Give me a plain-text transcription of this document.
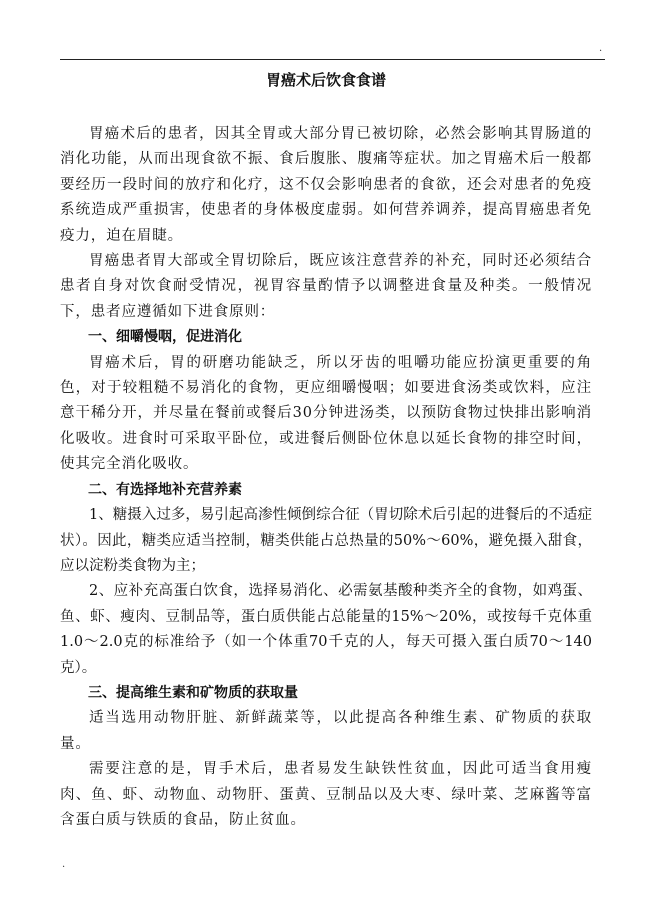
.
胃癌术后饮食食谱

胃癌术后的患者，因其全胃或大部分胃已被切除，必然会影响其胃肠道的消化功能，从而出现食欲不振、食后腹胀、腹痛等症状。加之胃癌术后一般都要经历一段时间的放疗和化疗，这不仅会影响患者的食欲，还会对患者的免疫系统造成严重损害，使患者的身体极度虚弱。如何营养调养，提高胃癌患者免疫力，迫在眉睫。

胃癌患者胃大部或全胃切除后，既应该注意营养的补充，同时还必须结合患者自身对饮食耐受情况，视胃容量酌情予以调整进食量及种类。一般情况下，患者应遵循如下进食原则：

一、细嚼慢咽，促进消化

胃癌术后，胃的研磨功能缺乏，所以牙齿的咀嚼功能应扮演更重要的角色，对于较粗糙不易消化的食物，更应细嚼慢咽；如要进食汤类或饮料，应注意干稀分开，并尽量在餐前或餐后30分钟进汤类，以预防食物过快排出影响消化吸收。进食时可采取平卧位，或进餐后侧卧位休息以延长食物的排空时间，使其完全消化吸收。

二、有选择地补充营养素

1、糖摄入过多，易引起高渗性倾倒综合征（胃切除术后引起的进餐后的不适症状）。因此，糖类应适当控制，糖类供能占总热量的50%～60%，避免摄入甜食，应以淀粉类食物为主；

2、应补充高蛋白饮食，选择易消化、必需氨基酸种类齐全的食物，如鸡蛋、鱼、虾、瘦肉、豆制品等，蛋白质供能占总能量的15%～20%，或按每千克体重1.0～2.0克的标准给予（如一个体重70千克的人，每天可摄入蛋白质70～140克）。

三、提高维生素和矿物质的获取量

适当选用动物肝脏、新鲜蔬菜等，以此提高各种维生素、矿物质的获取量。

需要注意的是，胃手术后，患者易发生缺铁性贫血，因此可适当食用瘦肉、鱼、虾、动物血、动物肝、蛋黄、豆制品以及大枣、绿叶菜、芝麻酱等富含蛋白质与铁质的食品，防止贫血。

.
